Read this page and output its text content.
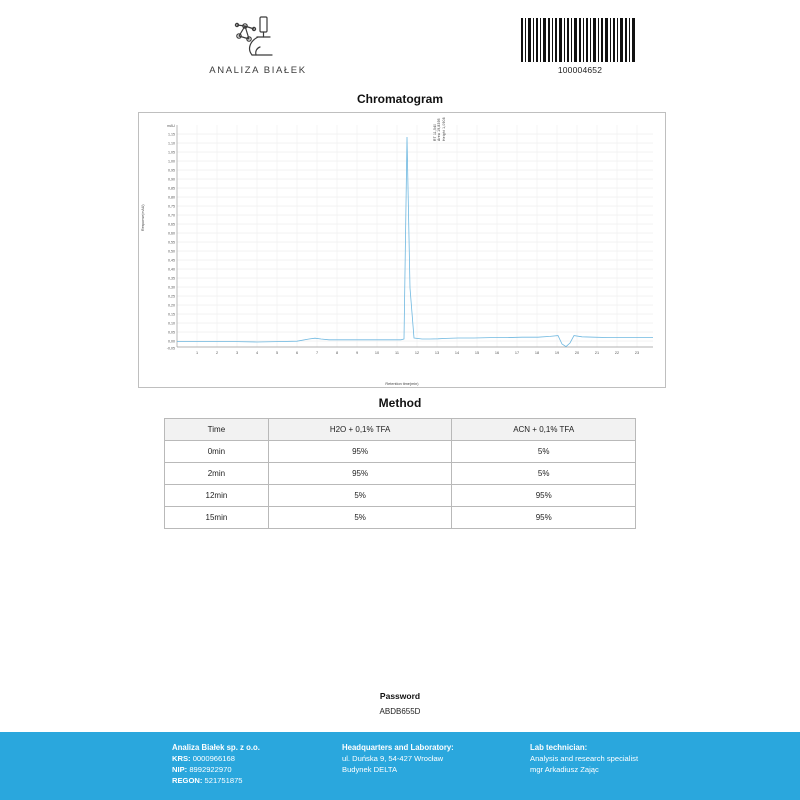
ANALIZA BIAŁEK	100004652
Chromatogram
mAU
1,15
1,10
1,05
1,00
0,95
0,90
0,85
0,80
0,75
0,70
0,65
0,60
0,55
0,50
0,45
0,40
0,35
0,30
0,25
0,20
0,15
0,10
0,05
0,00
-0,05
1	2	3	4	5	6	7	8	9	10	11	12	13	14	15	16	17	18	19	20	21	22	23
Response(mAU)
Retention time(min)
RT 11,540 Area 19,8395 Height 1,0908
Method
Time	H2O + 0,1% TFA	ACN + 0,1% TFA
0min	95%	5%
2min	95%	5%
12min	5%	95%
15min	5%	95%
Password
ABDB655D
Analiza Białek sp. z o.o.
KRS: 0000966168
NIP: 8992922970
REGON: 521751875
Headquarters and Laboratory:
ul. Duńska 9, 54-427 Wrocław
Budynek DELTA
Lab technician:
Analysis and research specialist
mgr Arkadiusz Zając
